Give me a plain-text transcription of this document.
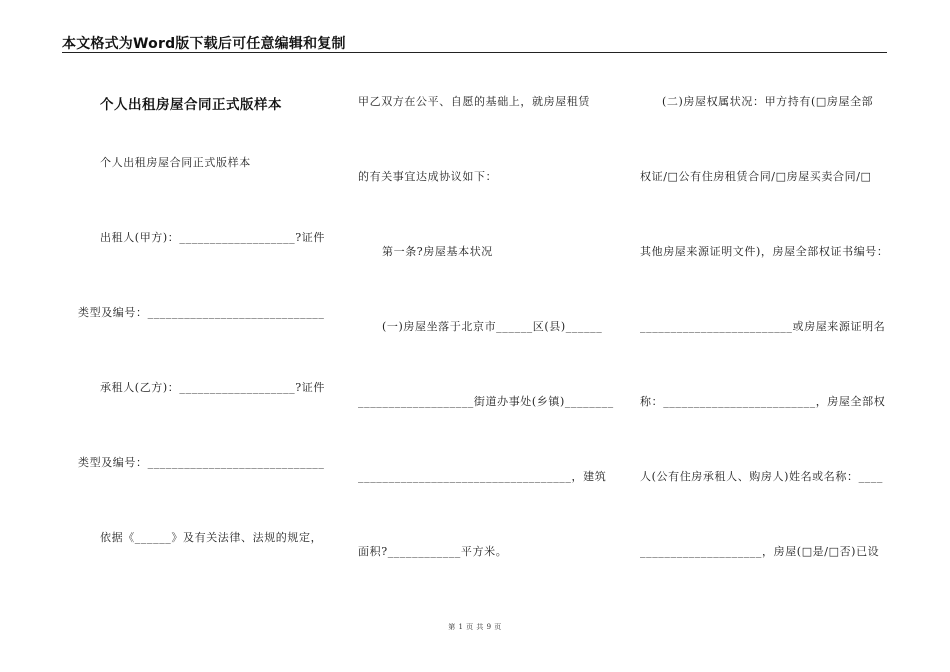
本文格式为Word版下载后可任意编辑和复制
个人出租房屋合同正式版样本
个人出租房屋合同正式版样本
出租人(甲方)：___________________?证件
类型及编号：_____________________________
承租人(乙方)：___________________?证件
类型及编号：_____________________________
依据《______》及有关法律、法规的规定，
甲乙双方在公平、自愿的基础上，就房屋租赁
的有关事宜达成协议如下：
第一条?房屋基本状况
(一)房屋坐落于北京市______区(县)______
___________________街道办事处(乡镇)________
___________________________________，建筑
面积?____________平方米。
(二)房屋权属状况：甲方持有(□房屋全部
权证/□公有住房租赁合同/□房屋买卖合同/□
其他房屋来源证明文件)，房屋全部权证书编号：
_________________________或房屋来源证明名
称：_________________________，房屋全部权
人(公有住房承租人、购房人)姓名或名称：____
____________________，房屋(□是/□否)已设
第 1 页 共 9 页
